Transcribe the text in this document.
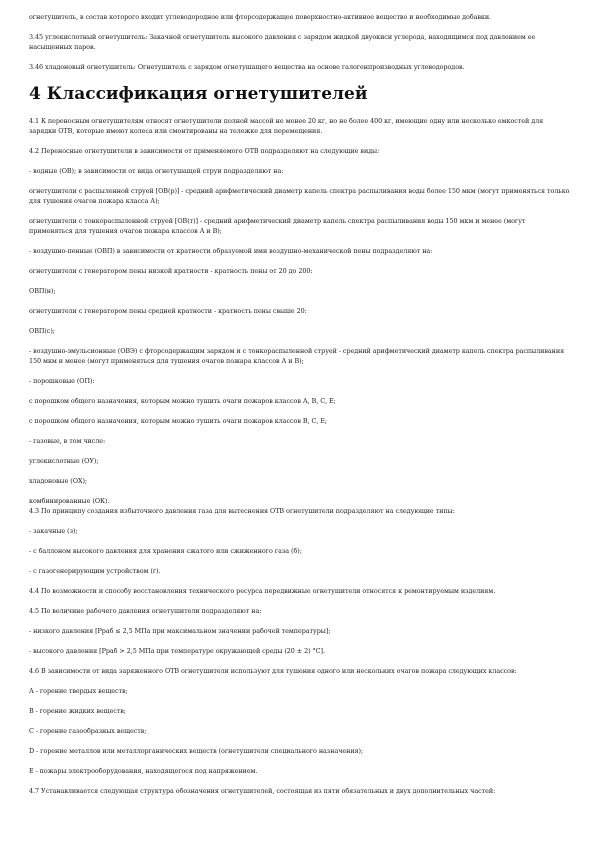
огнетушитель, в состав которого входит углеводородное или фторсодержащее поверхностно-активное вещество и необходимые добавки.

3.45 углекислотный огнетушитель: Закачной огнетушитель высокого давления с зарядом жидкой двуокиси углерода, находящимся под давлением ее насыщенных паров.

3.46 хладоновый огнетушитель: Огнетушитель с зарядом огнетушащего вещества на основе галогенпроизводных углеводородов.

4 Классификация огнетушителей

4.1 К переносным огнетушителям относят огнетушители полной массой не менее 20 кг, но не более 400 кг, имеющие одну или несколько емкостей для зарядки ОТВ, которые имеют колеса или смонтированы на тележке для перемещения.

4.2 Переносные огнетушители в зависимости от применяемого ОТВ подразделяют на следующие виды:

- водные (ОВ); в зависимости от вида огнетушащей струи подразделяют на:

огнетушители с распыленной струей [ОВ(р)] - средний арифметический диаметр капель спектра распыливания воды более 150 мкм (могут применяться только для тушения очагов пожара класса А);

огнетушители с тонкораспыленной струей [ОВ(т)] - средний арифметический диаметр капель спектра распыливания воды 150 мкм и менее (могут применяться для тушения очагов пожара классов А и В);

- воздушно-пенные (ОВП) в зависимости от кратности образуемой ими воздушно-механической пены подразделяют на:

огнетушители с генератором пены низкой кратности - кратность пены от 20 до 200:

ОВП(н);

огнетушители с генератором пены средней кратности - кратность пены свыше 20:

ОВП(с);

- воздушно-эмульсионные (ОВЭ) с фторсодержащим зарядом и с тонкораспыленной струей - средний арифметический диаметр капель спектра распыливания 150 мкм и менее (могут применяться для тушения очагов пожара классов А и В);

- порошковые (ОП):

с порошком общего назначения, которым можно тушить очаги пожаров классов А, В, С, Е;

с порошком общего назначения, которым можно тушить очаги пожаров классов В, С, Е;

- газовые, в том числе:

углекислотные (ОУ);

хладоновые (ОХ);

комбинированные (ОК).

4.3 По принципу создания избыточного давления газа для вытеснения ОТВ огнетушители подразделяют на следующие типы:

- закачные (з);

- с баллоном высокого давления для хранения сжатого или сжиженного газа (б);

- с газогенерирующим устройством (г).

4.4 По возможности и способу восстановления технического ресурса передвижные огнетушители относятся к ремонтируемым изделиям.

4.5 По величине рабочего давления огнетушители подразделяют на:

- низкого давления [Рраб ≤ 2,5 МПа при максимальном значении рабочей температуры];

- высокого давления [Рраб > 2,5 МПа при температуре окружающей среды (20 ± 2) °С].

4.6 В зависимости от вида заряженного ОТВ огнетушители используют для тушения одного или нескольких очагов пожара следующих классов:

А - горение твердых веществ;

В - горение жидких веществ;

С - горение газообразных веществ;

D - горение металлов или металлорганических веществ (огнетушители специального назначения);

Е - пожары электрооборудования, находящегося под напряжением.

4.7 Устанавливается следующая структура обозначения огнетушителей, состоящая из пяти обязательных и двух дополнительных частей:
